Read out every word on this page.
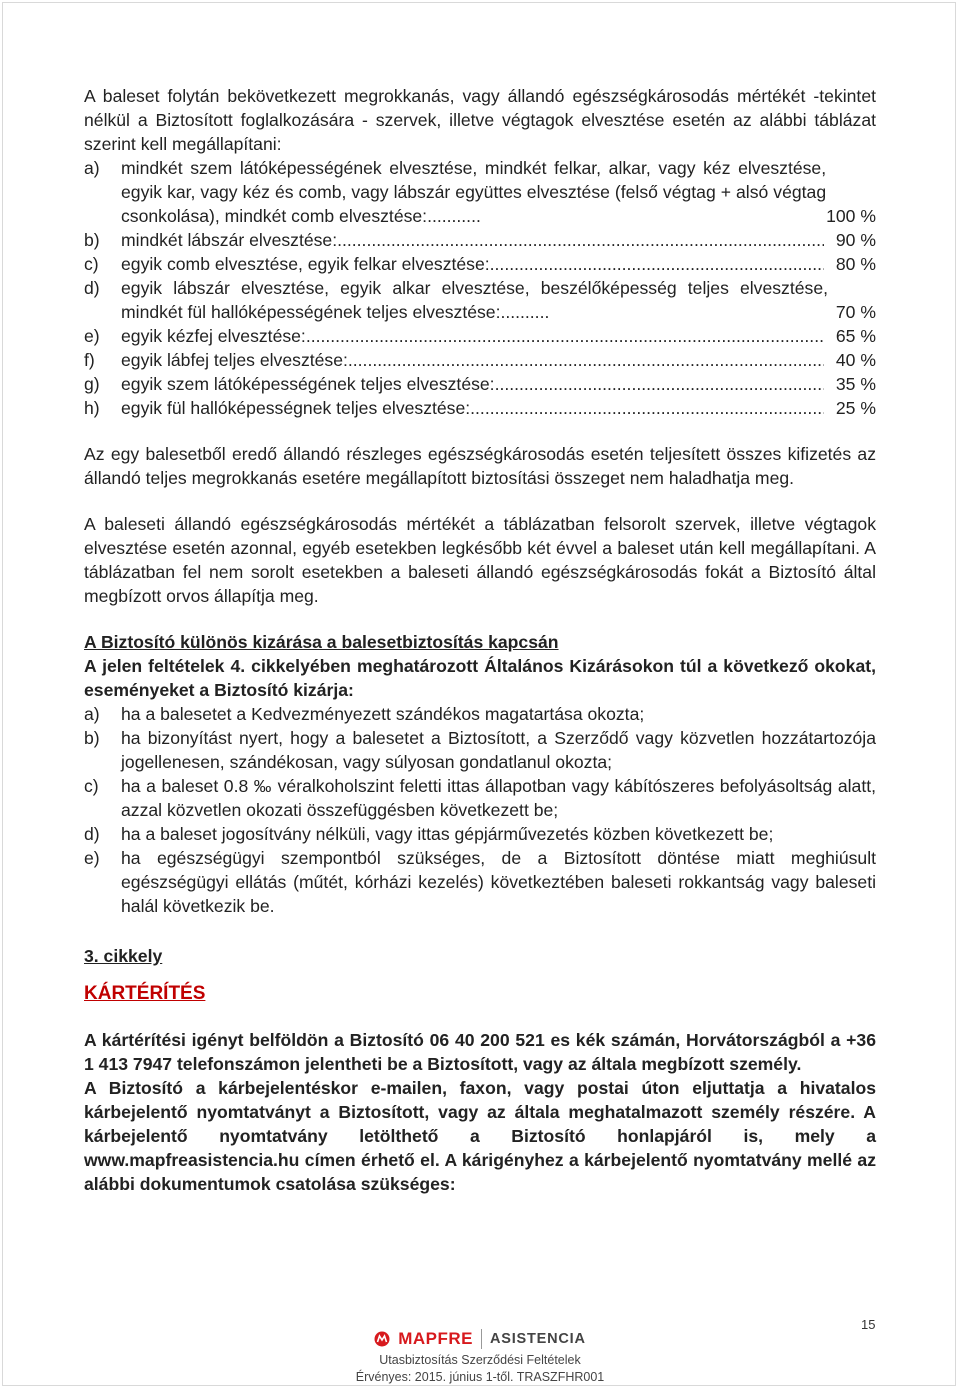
A baleset folytán bekövetkezett megrokkanás, vagy állandó egészségkárosodás mértékét -tekintet nélkül a Biztosított foglalkozására - szervek, illetve végtagok elvesztése esetén az alábbi táblázat szerint kell megállapítani:

a) mindkét szem látóképességének elvesztése, mindkét felkar, alkar, vagy kéz elvesztése, egyik kar, vagy kéz és comb, vagy lábszár együttes elvesztése (felső végtag + alsó végtag csonkolása), mindkét comb elvesztése:...........	100 %
b) mindkét lábszár elvesztése: .....	90 %
c) egyik comb elvesztése, egyik felkar elvesztése: .....	80 %
d) egyik lábszár elvesztése, egyik alkar elvesztése, beszélőképesség teljes elvesztése, mindkét fül hallóképességének teljes elvesztése:..........	70 %
e) egyik kézfej elvesztése: .....	65 %
f) egyik lábfej teljes elvesztése: .....	40 %
g) egyik szem látóképességének teljes elvesztése: .....	35 %
h) egyik fül hallóképességnek teljes elvesztése: .....	25 %

Az egy balesetből eredő állandó részleges egészségkárosodás esetén teljesített összes kifizetés az állandó teljes megrokkanás esetére megállapított biztosítási összeget nem haladhatja meg.

A baleseti állandó egészségkárosodás mértékét a táblázatban felsorolt szervek, illetve végtagok elvesztése esetén azonnal, egyéb esetekben legkésőbb két évvel a baleset után kell megállapítani. A táblázatban fel nem sorolt esetekben a baleseti állandó egészségkárosodás fokát a Biztosító által megbízott orvos állapítja meg.

A Biztosító különös kizárása a balesetbiztosítás kapcsán

A jelen feltételek 4. cikkelyében meghatározott Általános Kizárásokon túl a következő okokat, eseményeket a Biztosító kizárja:

a) ha a balesetet a Kedvezményezett szándékos magatartása okozta;
b) ha bizonyítást nyert, hogy a balesetet a Biztosított, a Szerződő vagy közvetlen hozzátartozója jogellenesen, szándékosan, vagy súlyosan gondatlanul okozta;
c) ha a baleset 0.8 ‰ véralkoholszint feletti ittas állapotban vagy kábítószeres befolyásoltság alatt, azzal közvetlen okozati összefüggésben következett be;
d) ha a baleset jogosítvány nélküli, vagy ittas gépjárművezetés közben következett be;
e) ha egészségügyi szempontból szükséges, de a Biztosított döntése miatt meghiúsult egészségügyi ellátás (műtét, kórházi kezelés) következtében baleseti rokkantság vagy baleseti halál következik be.
3. cikkely
KÁRTÉRÍTÉS

A kártérítési igényt belföldön a Biztosító 06 40 200 521 es kék számán, Horvátországból a +36 1 413 7947 telefonszámon jelentheti be a Biztosított, vagy az általa megbízott személy.

A Biztosító a kárbejelentéskor e-mailen, faxon, vagy postai úton eljuttatja a hivatalos kárbejelentő nyomtatványt a Biztosított, vagy az általa meghatalmazott személy részére. A kárbejelentő nyomtatvány letölthető a Biztosító honlapjáról is, mely a www.mapfreasistencia.hu címen érhető el. A kárigényhez a kárbejelentő nyomtatvány mellé az alábbi dokumentumok csatolása szükséges:

15
MAPFRE ASISTENCIA
Utasbiztosítás Szerződési Feltételek
Érvényes: 2015. június 1-től. TRASZFHR001
